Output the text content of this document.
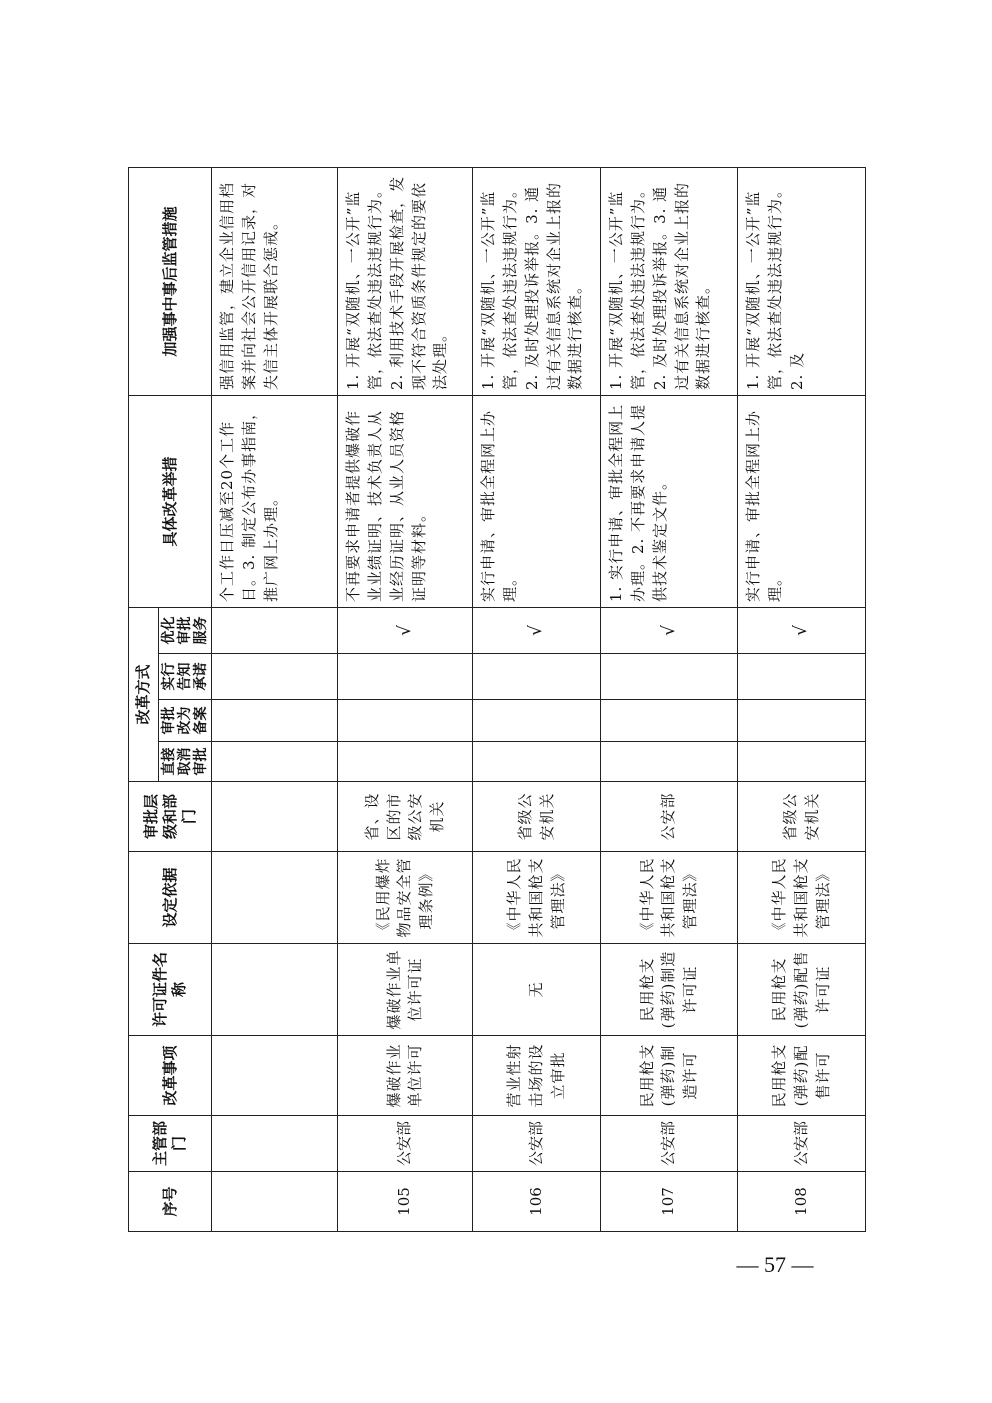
序号	主管部门	改革事项	许可证件名称	设定依据	审批层级和部门	改革方式				具体改革举措	加强事中事后监管措施
						直接取消审批	审批改为备案	实行告知承诺	优化审批服务		
										个工作日压减至20个工作日。3. 制定公布办事指南，推广网上办理。	强信用监管，建立企业信用档案并向社会公开信用记录，对失信主体开展联合惩戒。
105	公安部	爆破作业单位许可	爆破作业单位许可证	《民用爆炸物品安全管理条例》	省、设区的市级公安机关				√	不再要求申请者提供爆破作业业绩证明、技术负责人从业经历证明、从业人员资格证明等材料。	1. 开展“双随机、一公开”监管，依法查处违法违规行为。2. 利用技术手段开展检查，发现不符合资质条件规定的要依法处理。
106	公安部	营业性射击场的设立审批	无	《中华人民共和国枪支管理法》	省级公安机关				√	实行申请、审批全程网上办理。	1. 开展“双随机、一公开”监管，依法查处违法违规行为。2. 及时处理投诉举报。3. 通过有关信息系统对企业上报的数据进行核查。
107	公安部	民用枪支(弹药)制造许可	民用枪支(弹药)制造许可证	《中华人民共和国枪支管理法》	公安部				√	1. 实行申请、审批全程网上办理。2. 不再要求申请人提供技术鉴定文件。	1. 开展“双随机、一公开”监管，依法查处违法违规行为。2. 及时处理投诉举报。3. 通过有关信息系统对企业上报的数据进行核查。
108	公安部	民用枪支(弹药)配售许可	民用枪支(弹药)配售许可证	《中华人民共和国枪支管理法》	省级公安机关				√	实行申请、审批全程网上办理。	1. 开展“双随机、一公开”监管，依法查处违法违规行为。2. 及
— 57 —
